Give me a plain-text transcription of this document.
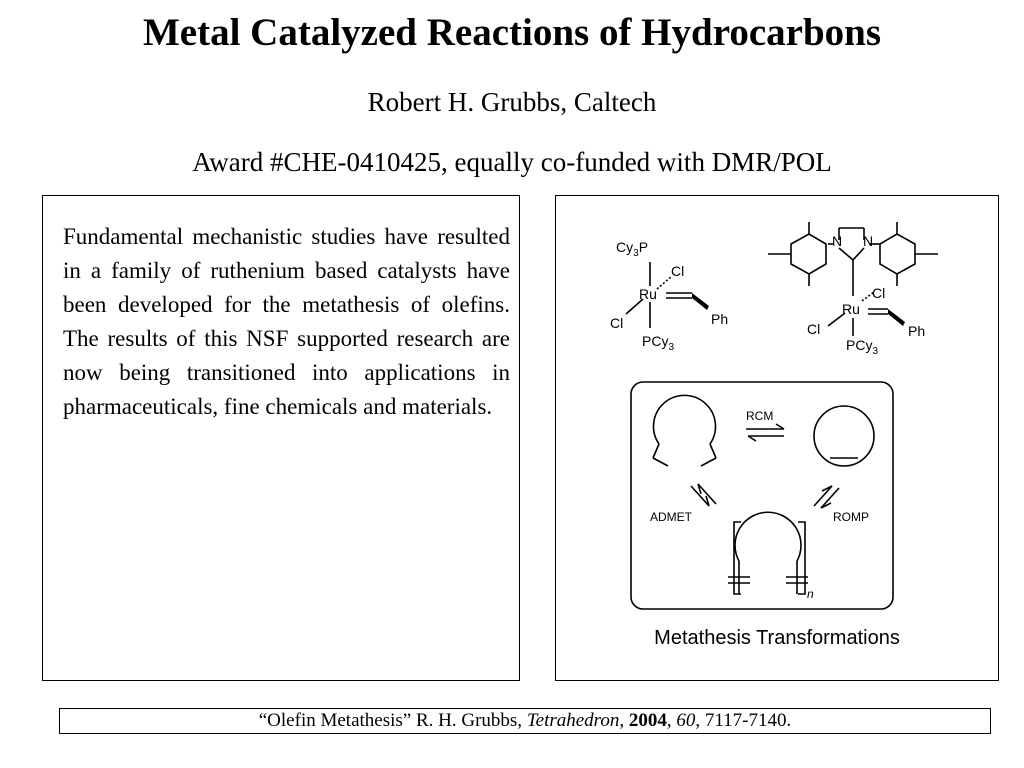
Metal Catalyzed Reactions of Hydrocarbons
Robert H. Grubbs, Caltech
Award #CHE-0410425, equally co-funded with DMR/POL

Fundamental mechanistic studies have resulted in a family of ruthenium based catalysts have been developed for the metathesis of olefins. The results of this NSF supported research are now being transitioned into applications in pharmaceuticals, fine chemicals and materials.

$Cy_3P$
Ru
Cl
Cl	Ph
PCy$_3$
N N
Ru
Cl
Cl	Ph
PCy$_3$
RCM
ADMET	ROMP
n
Metathesis Transformations
“Olefin Metathesis” R. H. Grubbs, Tetrahedron, 2004, 60, 7117-7140.
